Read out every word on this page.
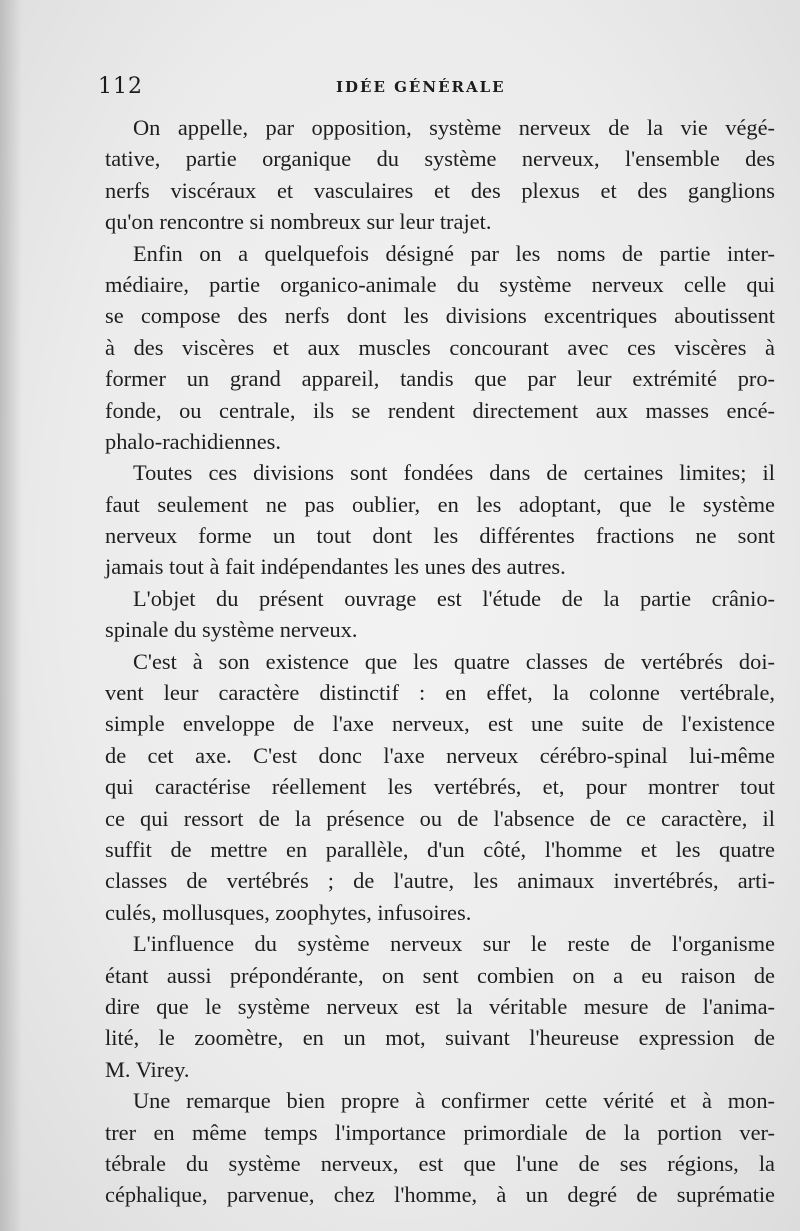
112	IDÉE GÉNÉRALE
On appelle, par opposition, système nerveux de la vie végé-
tative, partie organique du système nerveux, l'ensemble des
nerfs viscéraux et vasculaires et des plexus et des ganglions
qu'on rencontre si nombreux sur leur trajet.
Enfin on a quelquefois désigné par les noms de partie inter-
médiaire, partie organico-animale du système nerveux celle qui
se compose des nerfs dont les divisions excentriques aboutissent
à des viscères et aux muscles concourant avec ces viscères à
former un grand appareil, tandis que par leur extrémité pro-
fonde, ou centrale, ils se rendent directement aux masses encé-
phalo-rachidiennes.
Toutes ces divisions sont fondées dans de certaines limites; il
faut seulement ne pas oublier, en les adoptant, que le système
nerveux forme un tout dont les différentes fractions ne sont
jamais tout à fait indépendantes les unes des autres.
L'objet du présent ouvrage est l'étude de la partie crânio-
spinale du système nerveux.
C'est à son existence que les quatre classes de vertébrés doi-
vent leur caractère distinctif : en effet, la colonne vertébrale,
simple enveloppe de l'axe nerveux, est une suite de l'existence
de cet axe. C'est donc l'axe nerveux cérébro-spinal lui-même
qui caractérise réellement les vertébrés, et, pour montrer tout
ce qui ressort de la présence ou de l'absence de ce caractère, il
suffit de mettre en parallèle, d'un côté, l'homme et les quatre
classes de vertébrés ; de l'autre, les animaux invertébrés, arti-
culés, mollusques, zoophytes, infusoires.
L'influence du système nerveux sur le reste de l'organisme
étant aussi prépondérante, on sent combien on a eu raison de
dire que le système nerveux est la véritable mesure de l'anima-
lité, le zoomètre, en un mot, suivant l'heureuse expression de
M. Virey.
Une remarque bien propre à confirmer cette vérité et à mon-
trer en même temps l'importance primordiale de la portion ver-
tébrale du système nerveux, est que l'une de ses régions, la
céphalique, parvenue, chez l'homme, à un degré de suprématie
